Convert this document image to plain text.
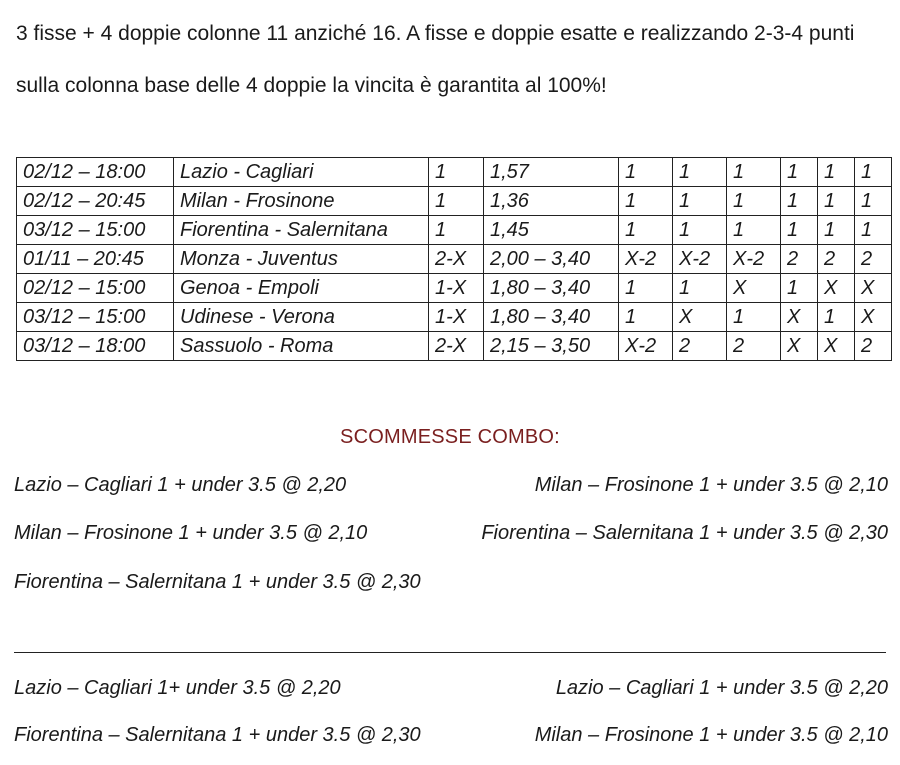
3 fisse + 4 doppie colonne 11 anziché 16. A fisse e doppie esatte e realizzando 2-3-4 punti

sulla colonna base delle 4 doppie la vincita è garantita al 100%!

02/12 – 18:00	Lazio - Cagliari	1	1,57	1	1	1	1	1	1
02/12 – 20:45	Milan - Frosinone	1	1,36	1	1	1	1	1	1
03/12 – 15:00	Fiorentina - Salernitana	1	1,45	1	1	1	1	1	1
01/11 – 20:45	Monza - Juventus	2-X	2,00 – 3,40	X-2	X-2	X-2	2	2	2
02/12 – 15:00	Genoa - Empoli	1-X	1,80 – 3,40	1	1	X	1	X	X
03/12 – 15:00	Udinese - Verona	1-X	1,80 – 3,40	1	X	1	X	1	X
03/12 – 18:00	Sassuolo - Roma	2-X	2,15 – 3,50	X-2	2	2	X	X	2
SCOMMESSE COMBO:
Lazio – Cagliari 1 + under 3.5 @ 2,20	Milan – Frosinone 1 + under 3.5 @ 2,10
Milan – Frosinone 1 + under 3.5 @ 2,10	Fiorentina – Salernitana 1 + under 3.5 @ 2,30
Fiorentina – Salernitana 1 + under 3.5 @ 2,30
Lazio – Cagliari 1+ under 3.5 @ 2,20	Lazio – Cagliari 1 + under 3.5 @ 2,20
Fiorentina – Salernitana 1 + under 3.5 @ 2,30	Milan – Frosinone 1 + under 3.5 @ 2,10
